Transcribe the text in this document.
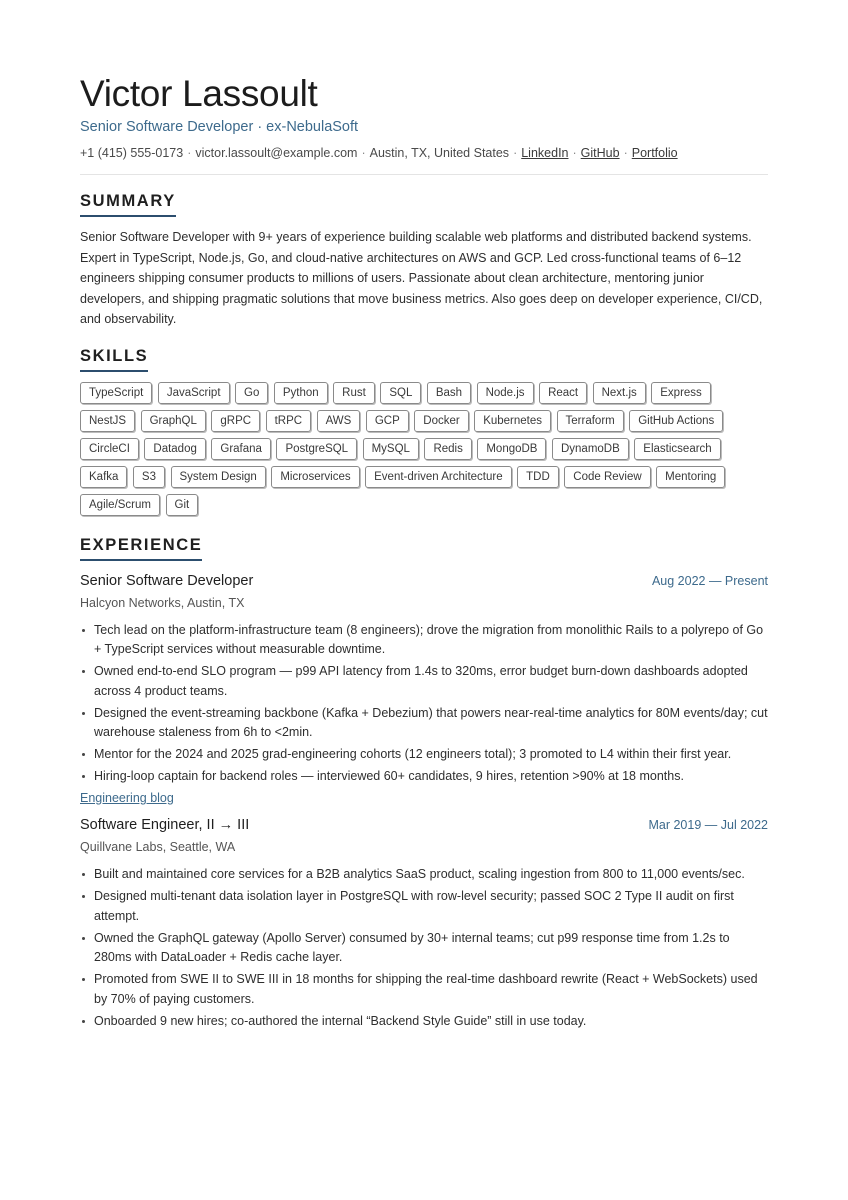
Victor Lassoult
Senior Software Developer · ex-NebulaSoft
+1 (415) 555-0173 · victor.lassoult@example.com · Austin, TX, United States · LinkedIn · GitHub · Portfolio
SUMMARY
Senior Software Developer with 9+ years of experience building scalable web platforms and distributed backend systems. Expert in TypeScript, Node.js, Go, and cloud-native architectures on AWS and GCP. Led cross-functional teams of 6–12 engineers shipping consumer products to millions of users. Passionate about clean architecture, mentoring junior developers, and shipping pragmatic solutions that move business metrics. Also goes deep on developer experience, CI/CD, and observability.
SKILLS
TypeScript	JavaScript	Go	Python	Rust	SQL	Bash	Node.js	React	Next.js	Express
NestJS	GraphQL	gRPC	tRPC	AWS	GCP	Docker	Kubernetes	Terraform	GitHub Actions
CircleCI	Datadog	Grafana	PostgreSQL	MySQL	Redis	MongoDB	DynamoDB	Elasticsearch
Kafka	S3	System Design	Microservices	Event-driven Architecture	TDD	Code Review	Mentoring
Agile/Scrum	Git
EXPERIENCE
Senior Software Developer	Aug 2022 — Present
Halcyon Networks, Austin, TX
Tech lead on the platform-infrastructure team (8 engineers); drove the migration from monolithic Rails to a polyrepo of Go + TypeScript services without measurable downtime.
Owned end-to-end SLO program — p99 API latency from 1.4s to 320ms, error budget burn-down dashboards adopted across 4 product teams.
Designed the event-streaming backbone (Kafka + Debezium) that powers near-real-time analytics for 80M events/day; cut warehouse staleness from 6h to <2min.
Mentor for the 2024 and 2025 grad-engineering cohorts (12 engineers total); 3 promoted to L4 within their first year.
Hiring-loop captain for backend roles — interviewed 60+ candidates, 9 hires, retention >90% at 18 months.
Engineering blog
Software Engineer, II → III	Mar 2019 — Jul 2022
Quillvane Labs, Seattle, WA
Built and maintained core services for a B2B analytics SaaS product, scaling ingestion from 800 to 11,000 events/sec.
Designed multi-tenant data isolation layer in PostgreSQL with row-level security; passed SOC 2 Type II audit on first attempt.
Owned the GraphQL gateway (Apollo Server) consumed by 30+ internal teams; cut p99 response time from 1.2s to 280ms with DataLoader + Redis cache layer.
Promoted from SWE II to SWE III in 18 months for shipping the real-time dashboard rewrite (React + WebSockets) used by 70% of paying customers.
Onboarded 9 new hires; co-authored the internal “Backend Style Guide” still in use today.
